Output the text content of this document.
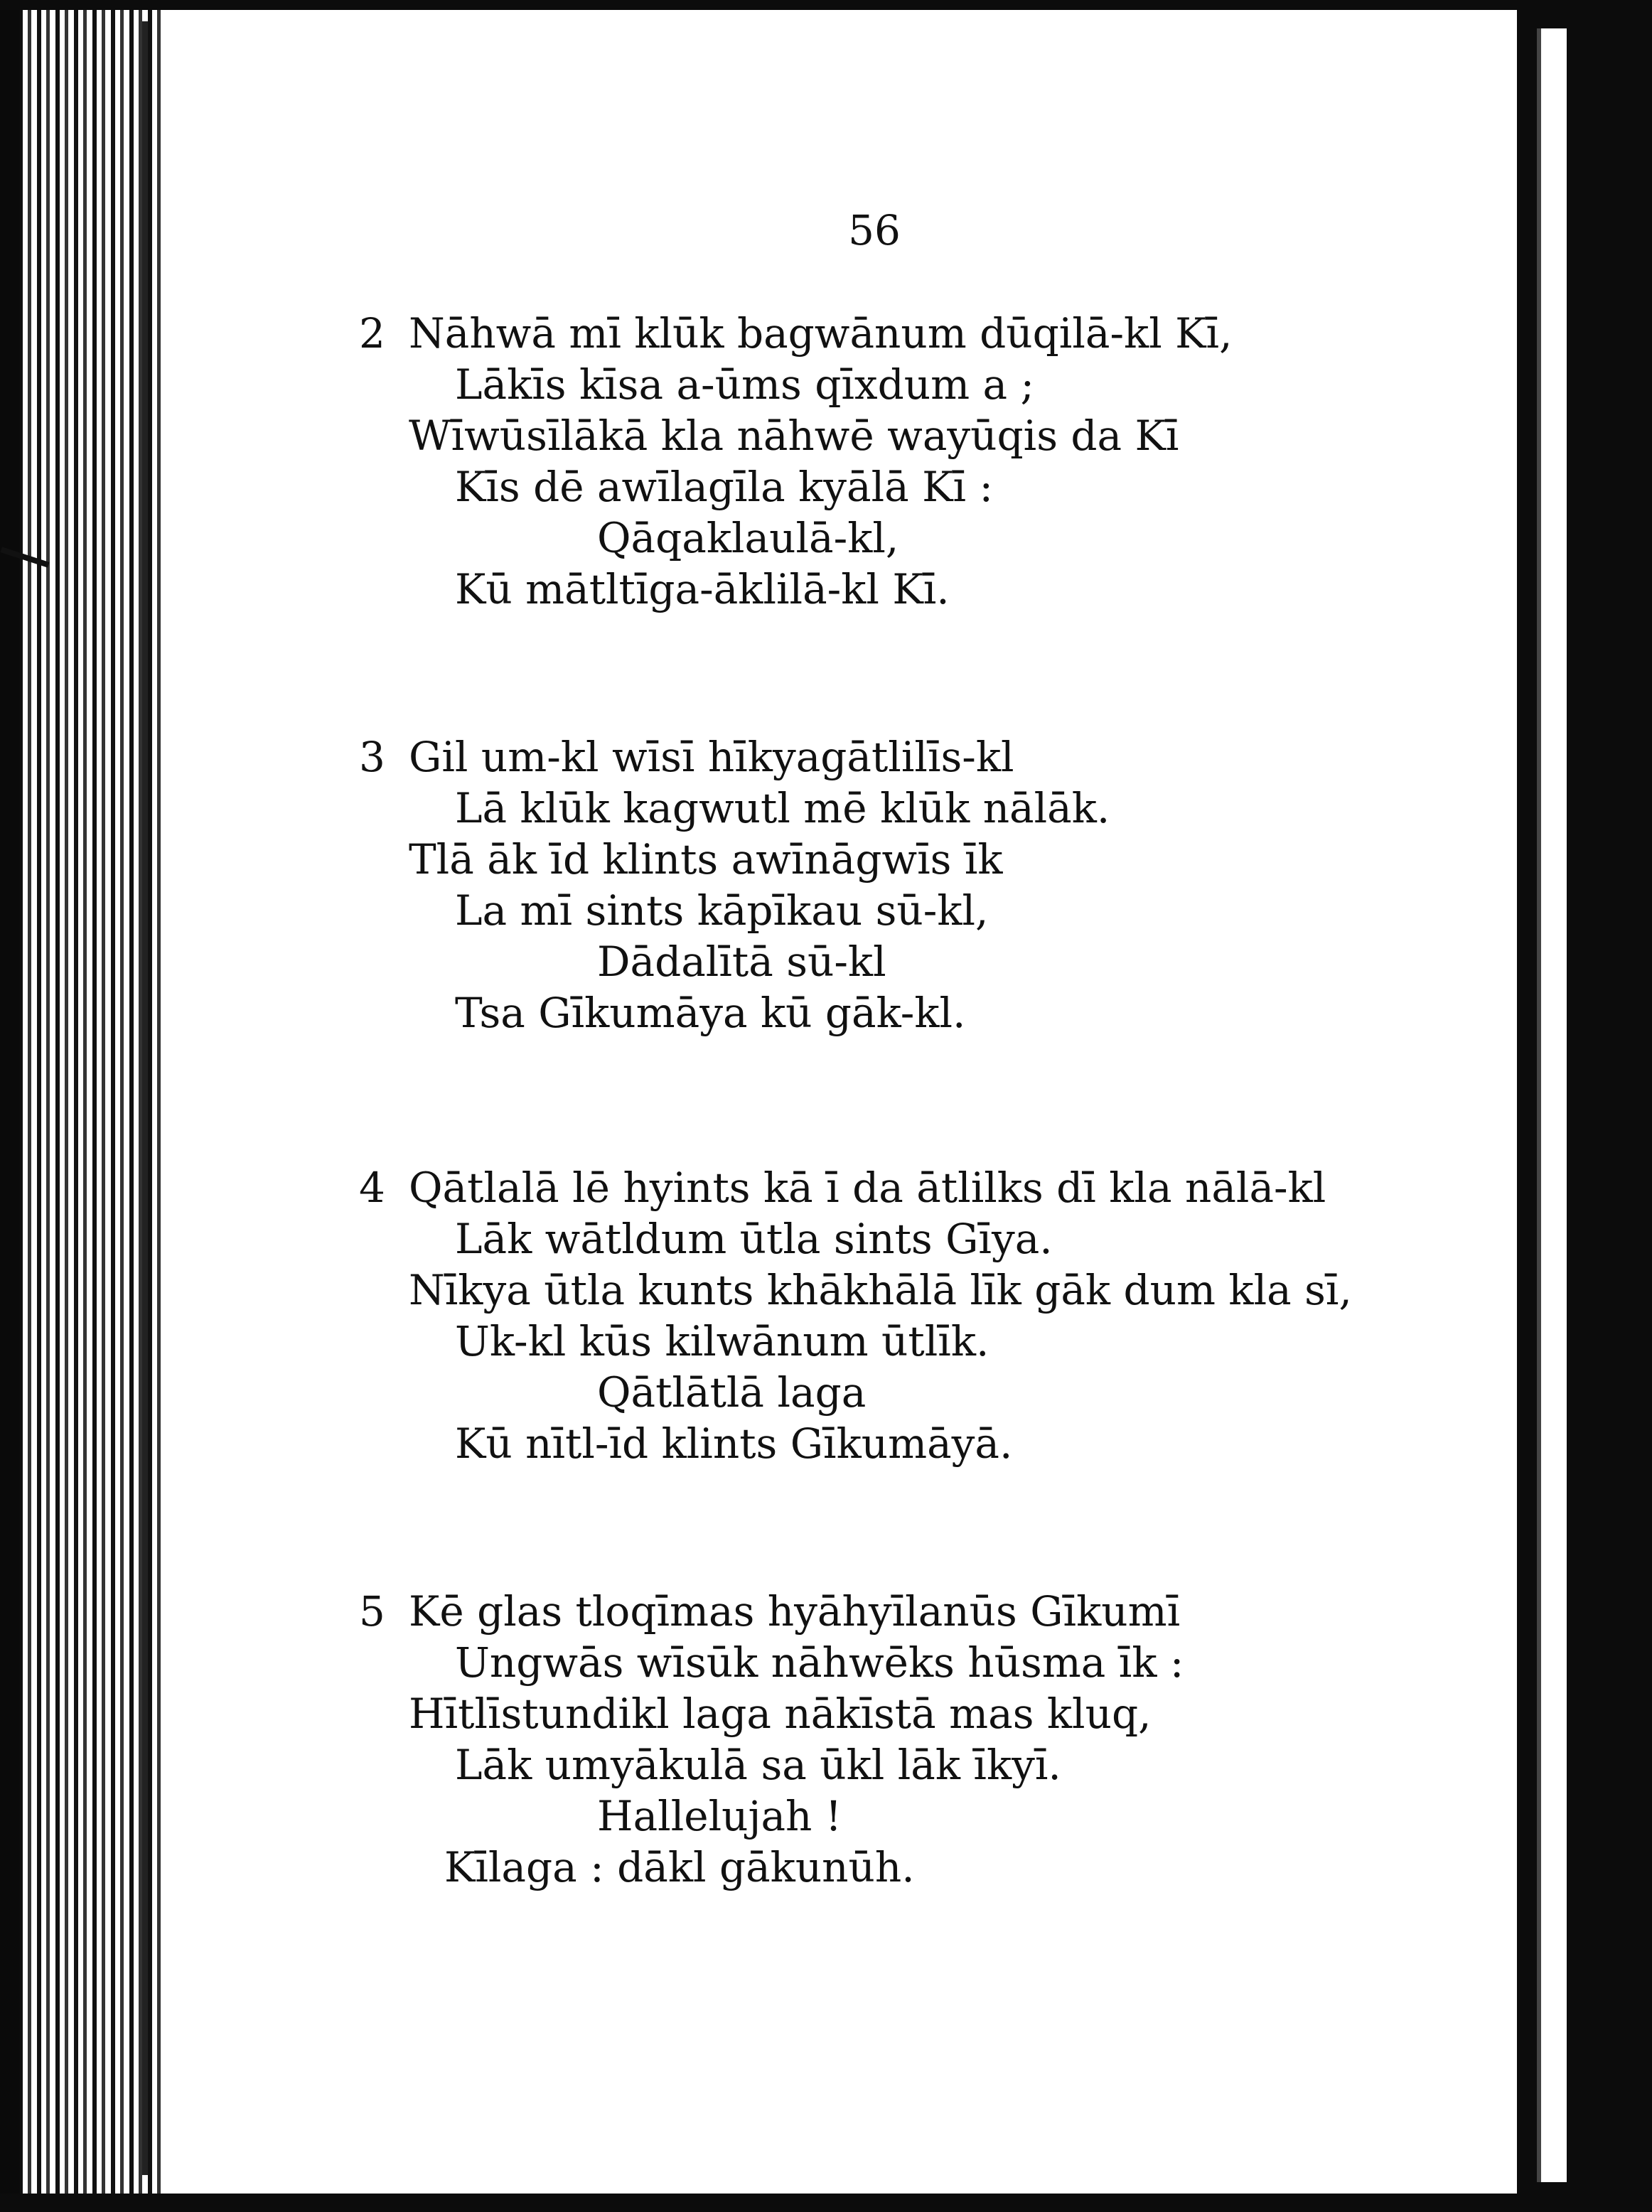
56
2 Nāhwā mī klūk bagwānum dūqilā-kl Kī,
Lākīs kīsa a-ūms qīxdum a ;
Wīwūsīlākā kla nāhwē wayūqis da Kī
Kīs dē awīlagīla kyālā Kī :
Qāqaklaulā-kl,
Kū mātltīga-āklilā-kl Kī.
3 Gil um-kl wīsī hīkyagātlilīs-kl
Lā klūk kagwutl mē klūk nālāk.
Tlā āk īd klints awīnāgwīs īk
La mī sints kāpīkau sū-kl,
Dādalītā sū-kl
Tsa Gīkumāya kū gāk-kl.
4 Qātlalā lē hyints kā ī da ātlilks dī kla nālā-kl
Lāk wātldum ūtla sints Gīya.
Nīkya ūtla kunts khākhālā līk gāk dum kla sī,
Uk-kl kūs kilwānum ūtlīk.
Qātlātlā laga
Kū nītl-īd klints Gīkumāyā.
5 Kē glas tloqīmas hyāhyīlanūs Gīkumī
Ungwās wīsūk nāhwēks hūsma īk :
Hītlīstundikl laga nākīstā mas kluq,
Lāk umyākulā sa ūkl lāk īkyī.
Hallelujah !
Kīlaga : dākl gākunūh.
